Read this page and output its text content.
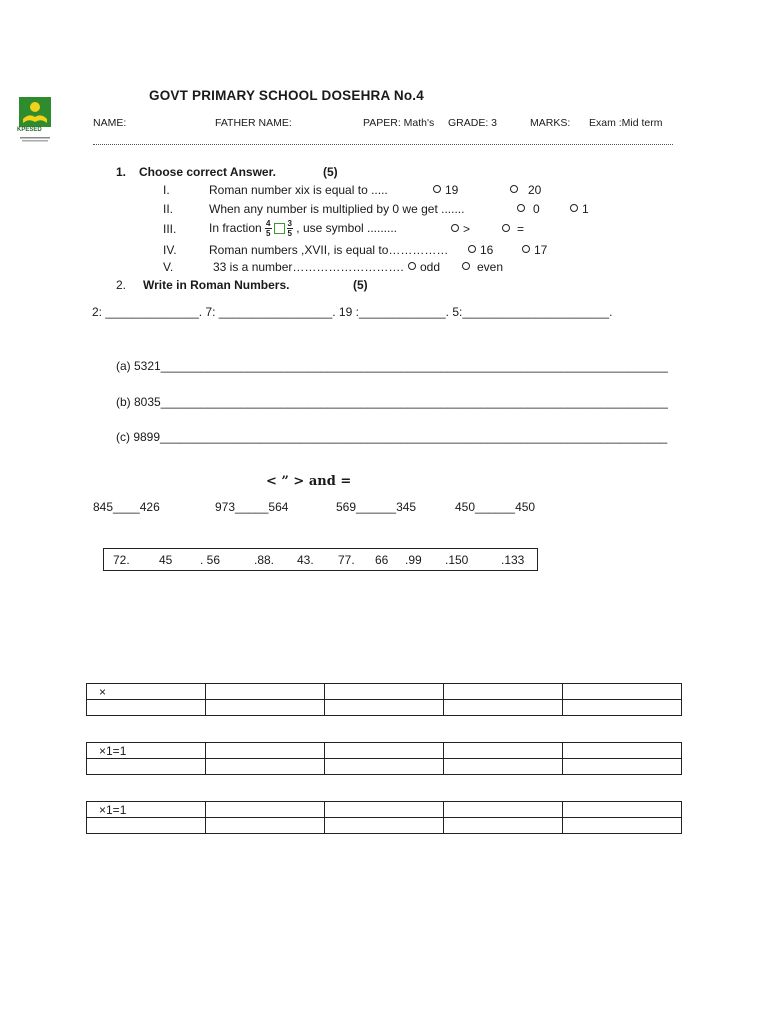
KPESED
GOVT PRIMARY SCHOOL DOSEHRA No.4
NAME:	FATHER NAME:	PAPER: Math's GRADE: 3	MARKS: Exam :Mid term
1. Choose correct Answer.	(5)
I.	Roman number xix is equal to .....	19	20
II.	When any number is multiplied by 0 we get .......	0	1
III.	In fraction $\frac{4}{5} \frac{3}{5}$ , use symbol .........	>	=
IV.	Roman numbers ,XVII, is equal to……………	16	17
V.	33 is a number……………………….	odd	even
2. Write in Roman Numbers.	(5)
2: ______________. 7: _________________. 19 :_____________. 5:______________________.
(a) 5321____________________________________________________________________________
(b) 8035____________________________________________________________________________
(c) 9899____________________________________________________________________________
< ” > and =
845____426	973_____564	569______345	450______450
72. 45 . 56	.88. 43. 77. 66 .99 .150	.133
×				

×1=1				

×1=1				
